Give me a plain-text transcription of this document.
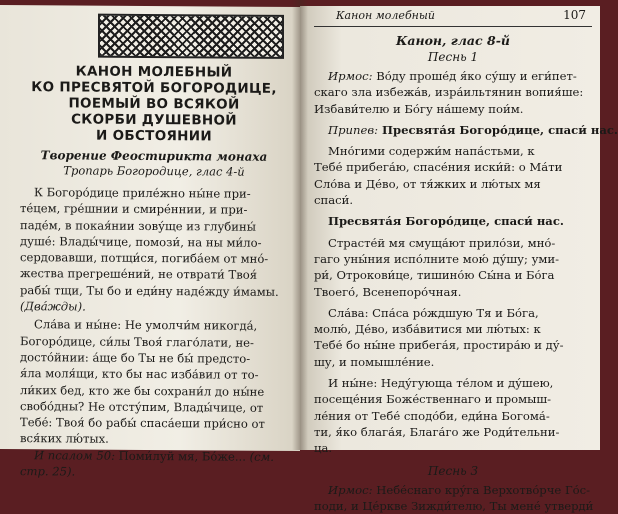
КАНОН МОЛЕБНЫЙ
КО ПРЕСВЯТОЙ БОГОРОДИЦЕ,
ПОЕМЫЙ ВО ВСЯКОЙ
СКОРБИ ДУШЕВНОЙ
И ОБСТОЯНИИ

Творение Феостирикта монаха

Тропарь Богородице, глас 4-й

К Богоро́дице приле́жно ны́не при-
те́цем, гре́шнии и смире́ннии, и при-
паде́м, в покая́нии зову́ще из глубины́
душе́: Влады́чице, помози́, на ны ми́ло-
сердовавши, потщи́ся, погиба́ем от мно́-
жества прегреше́ний, не отврати́ Твоя́
рабы́ тщи, Ты бо и еди́ну наде́жду и́мамы.
(Два́жды).
Сла́ва и ны́не: Не умолчи́м никогда́,
Богоро́дице, си́лы Твоя́ глаго́лати, не-
досто́йнии: а́ще бо Ты не бы́ предсто-
я́ла моля́щи, кто бы нас изба́вил от то-
ли́ких бед, кто же бы сохрани́л до ны́не
свобо́дны? Не отсту́пим, Влады́чице, от
Тебе́: Твоя́ бо рабы́ спаса́еши при́сно от
вся́ких лю́тых.
И псалом 50: Поми́луй мя, Бо́же... (см.
стр. 25).
Канон молебный	107

Канон, глас 8-й

Песнь 1

Ирмос: Во́ду проше́д я́ко су́шу и еги́пет-
скаго зла избежа́в, изра́ильтянин вопия́ше:
Избави́телю и Бо́гу на́шему пои́м.
Припев: Пресвята́я Богоро́дице, спаси́ нас.
Мно́гими содержи́м напа́стьми, к
Тебе́ прибега́ю, спасе́ния иски́й: о Ма́ти
Сло́ва и Де́во, от тя́жких и лю́тых мя
спаси́.
Пресвята́я Богоро́дице, спаси́ нас.
Страсте́й мя смуща́ют прило́зи, мно́-
гаго уны́ния испо́лните мою́ ду́шу; уми-
ри́, Отрокови́це, тишино́ю Сы́на и Бо́га
Твоего́, Всенепоро́чная.
Сла́ва: Спа́са ро́ждшую Тя и Бо́га,
молю́, Де́во, изба́витися ми лю́тых: к
Тебе́ бо ны́не прибега́я, простира́ю и ду́-
шу, и помышле́ние.
И ны́не: Неду́гующа те́лом и ду́шею,
посеще́ния Боже́ственнаго и промыш-
ле́ния от Тебе́ сподо́би, еди́на Богома́-
ти, я́ко блага́я, Блага́го же Роди́тельни-
ца.

Песнь 3

Ирмос: Небе́снаго кру́га Верхотво́рче Го́с-
поди, и Це́ркве Зижди́телю, Ты мене́ утверди́
